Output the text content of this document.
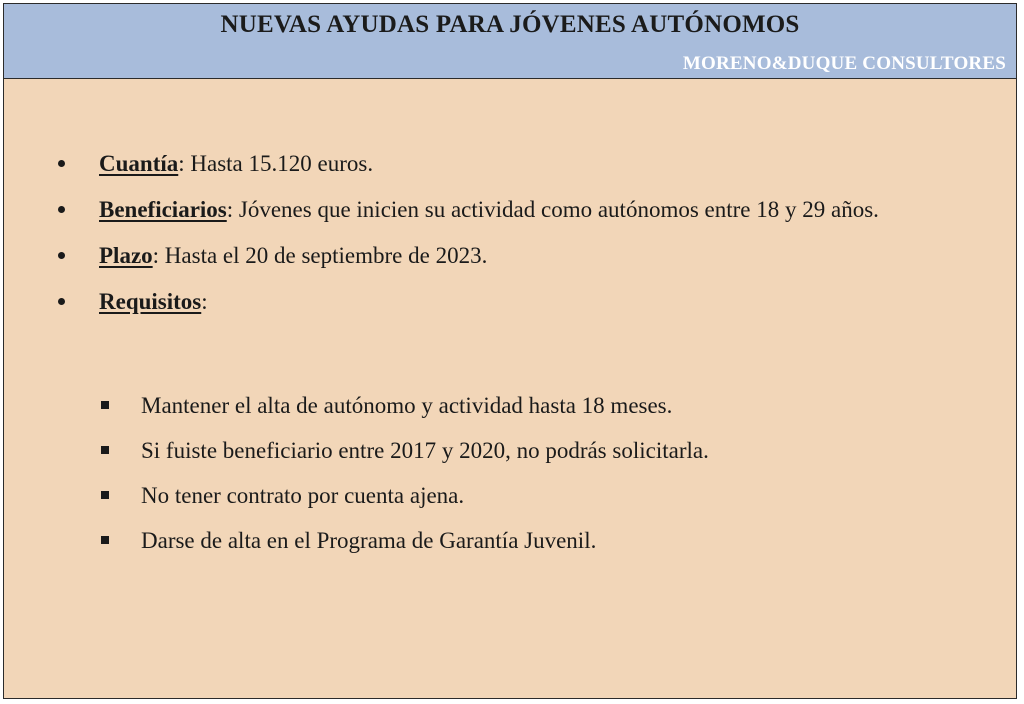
NUEVAS AYUDAS PARA JÓVENES AUTÓNOMOS
MORENO&DUQUE CONSULTORES
Cuantía: Hasta 15.120 euros.
Beneficiarios: Jóvenes que inicien su actividad como autónomos entre 18 y 29 años.
Plazo: Hasta el 20 de septiembre de 2023.
Requisitos:
Mantener el alta de autónomo y actividad hasta 18 meses.
Si fuiste beneficiario entre 2017 y 2020, no podrás solicitarla.
No tener contrato por cuenta ajena.
Darse de alta en el Programa de Garantía Juvenil.
